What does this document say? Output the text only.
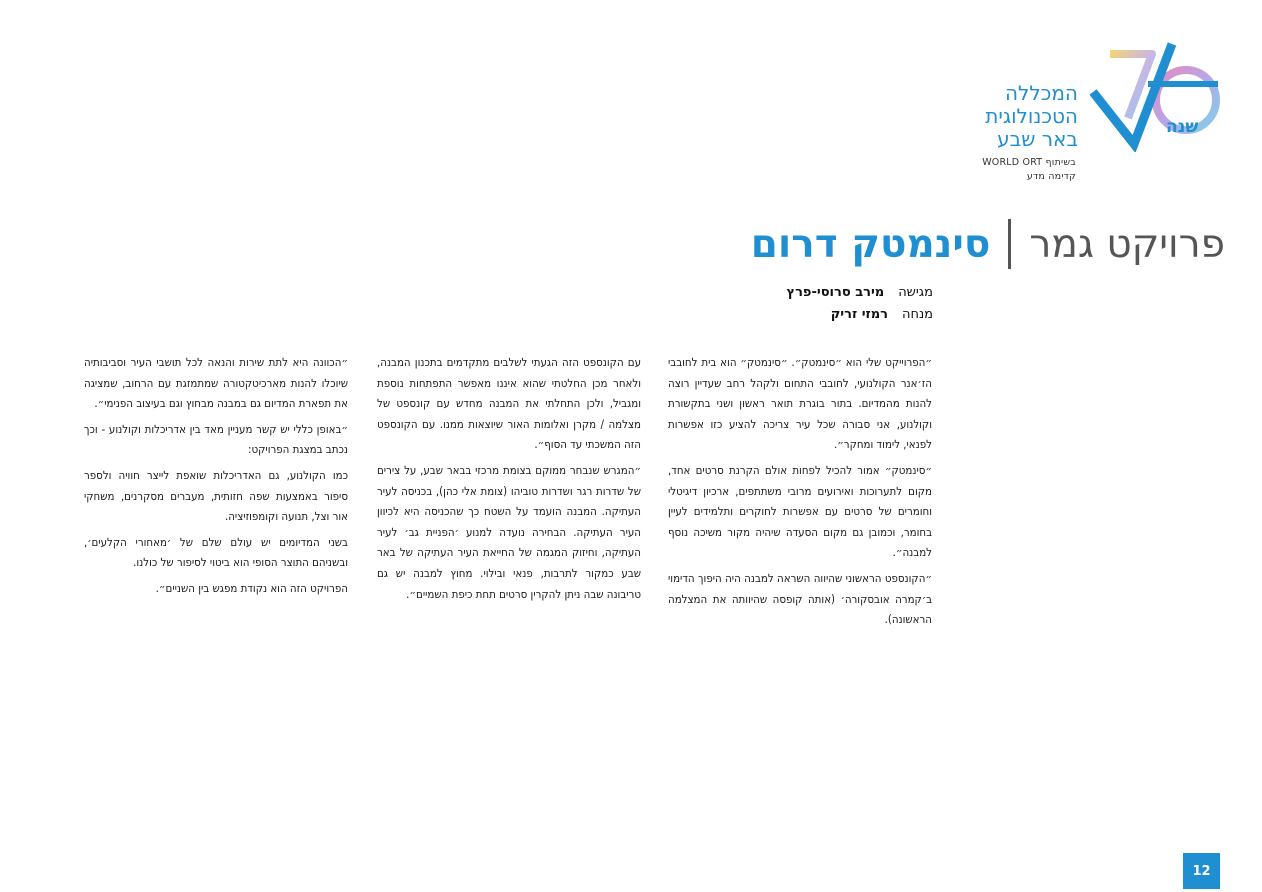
שנה
המכללה
הטכנולוגית
באר שבע
בשיתוף WORLD ORT
קדימה מדע
פרויקט גמר
סינמטק דרום
מגישה
מירב סרוסי-פרץ
מנחה
רמזי זריק

״הפרוייקט שלי הוא ״סינמטק״. ״סינמטק״ הוא בית לחובבי הז׳אנר הקולנועי, לחובבי התחום ולקהל רחב שעדיין רוצה להנות מהמדיום. בתור בוגרת תואר ראשון ושני בתקשורת וקולנוע, אני סבורה שכל עיר צריכה להציע כזו אפשרות לפנאי, לימוד ומחקר״.

״סינמטק״ אמור להכיל לפחות אולם הקרנת סרטים אחד, מקום לתערוכות ואירועים מרובי משתתפים, ארכיון דיגיטלי וחומרים של סרטים עם אפשרות לחוקרים ותלמידים לעיין בחומר, וכמובן גם מקום הסעדה שיהיה מקור משיכה נוסף למבנה״.

״הקונספט הראשוני שהיווה השראה למבנה היה היפוך הדימוי ב׳קמרה אובסקורה׳ (אותה קופסה שהיוותה את המצלמה הראשונה).

עם הקונספט הזה הגעתי לשלבים מתקדמים בתכנון המבנה, ולאחר מכן החלטתי שהוא איננו מאפשר התפתחות נוספת ומגביל, ולכן התחלתי את המבנה מחדש עם קונספט של מצלמה / מקרן ואלומות האור שיוצאות ממנו. עם הקונספט הזה המשכתי עד הסוף״.

״המגרש שנבחר ממוקם בצומת מרכזי בבאר שבע, על צירים של שדרות רגר ושדרות טוביהו (צומת אלי כהן), בכניסה לעיר העתיקה. המבנה הועמד על השטח כך שהכניסה היא לכיוון העיר העתיקה. הבחירה נועדה למנוע ׳הפניית גב׳ לעיר העתיקה, וחיזוק המגמה של החייאת העיר העתיקה של באר שבע כמקור לתרבות, פנאי ובילוי. מחוץ למבנה יש גם טריבונה שבה ניתן להקרין סרטים תחת כיפת השמיים״.

״הכוונה היא לתת שירות והנאה לכל תושבי העיר וסביבותיה שיוכלו להנות מארכיטקטורה שמתמזגת עם הרחוב, שמציגה את תפארת המדיום גם במבנה מבחוץ וגם בעיצוב הפנימי״.

״באופן כללי יש קשר מעניין מאד בין אדריכלות וקולנוע - וכך נכתב במצגת הפרויקט:

כמו הקולנוע, גם האדריכלות שואפת לייצר חוויה ולספר סיפור באמצעות שפה חזותית, מעברים מסקרנים, משחקי אור וצל, תנועה וקומפוזיציה.

בשני המדיומים יש עולם שלם של ׳מאחורי הקלעים׳, ובשניהם התוצר הסופי הוא ביטוי לסיפור של כולנו.

הפרויקט הזה הוא נקודת מפגש בין השניים״.

12
